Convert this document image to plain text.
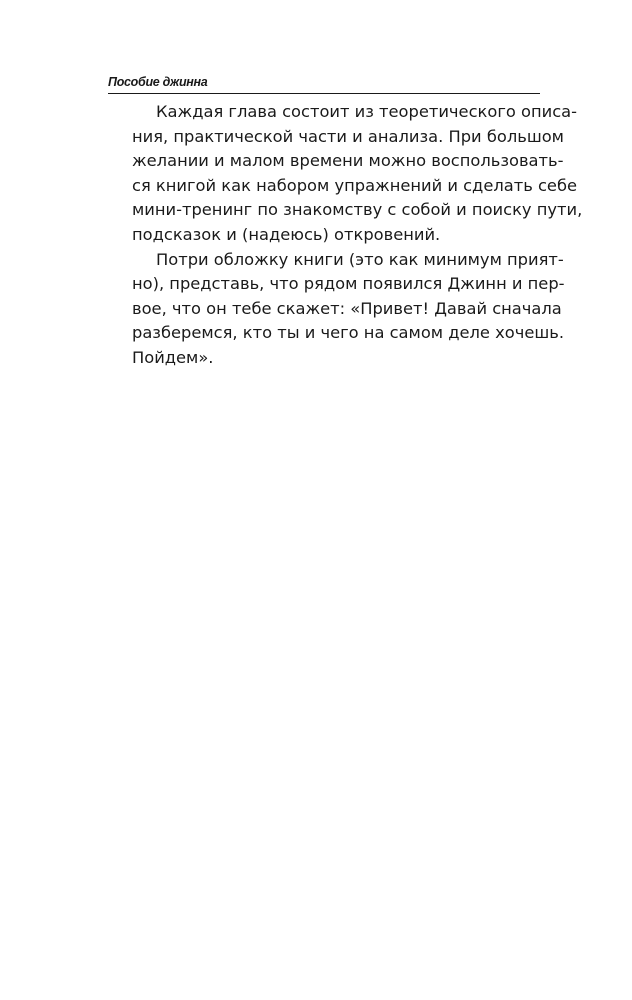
Пособие джинна
Каждая глава состоит из теоретического описа-
ния, практической части и анализа. При большом
желании и малом времени можно воспользовать-
ся книгой как набором упражнений и сделать себе
мини-тренинг по знакомству с собой и поиску пути,
подсказок и (надеюсь) откровений.
Потри обложку книги (это как минимум прият-
но), представь, что рядом появился Джинн и пер-
вое, что он тебе скажет: «Привет! Давай сначала
разберемся, кто ты и чего на самом деле хочешь.
Пойдем».
